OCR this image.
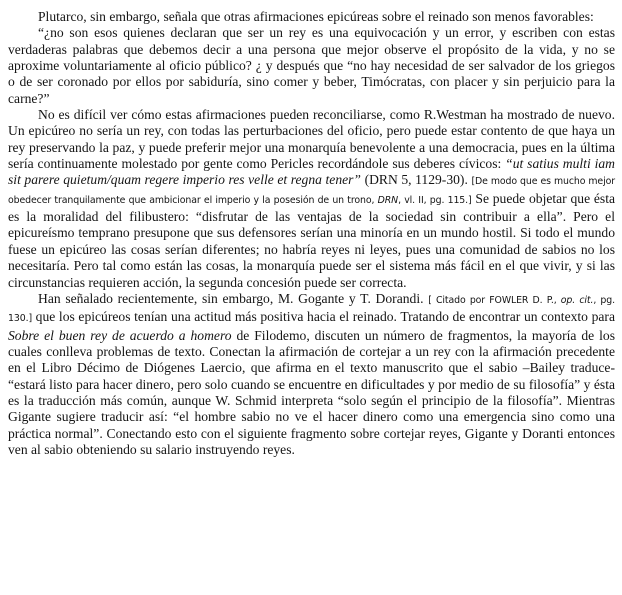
Plutarco, sin embargo, señala que otras afirmaciones epicúreas sobre el reinado son menos favorables:

“¿no son esos quienes declaran que ser un rey es una equivocación y un error, y escriben con estas verdaderas palabras que debemos decir a una persona que mejor observe el propósito de la vida, y no se aproxime voluntariamente al oficio público? ¿ y después que “no hay necesidad de ser salvador de los griegos o de ser coronado por ellos por sabiduría, sino comer y beber, Timócratas, con placer y sin perjuicio para la carne?”

No es difícil ver cómo estas afirmaciones pueden reconciliarse, como R.Westman ha mostrado de nuevo. Un epicúreo no sería un rey, con todas las perturbaciones del oficio, pero puede estar contento de que haya un rey preservando la paz, y puede preferir mejor una monarquía benevolente a una democracia, pues en la última sería continuamente molestado por gente como Pericles recordándole sus deberes cívicos: “ut satius multi iam sit parere quietum/quam regere imperio res velle et regna tener” (DRN 5, 1129-30). [De modo que es mucho mejor obedecer tranquilamente que ambicionar el imperio y la posesión de un trono, DRN, vl. II, pg. 115.] Se puede objetar que ésta es la moralidad del filibustero: “disfrutar de las ventajas de la sociedad sin contribuir a ella”. Pero el epicureísmo temprano presupone que sus defensores serían una minoría en un mundo hostil. Si todo el mundo fuese un epicúreo las cosas serían diferentes; no habría reyes ni leyes, pues una comunidad de sabios no los necesitaría. Pero tal como están las cosas, la monarquía puede ser el sistema más fácil en el que vivir, y si las circunstancias requieren acción, la segunda concesión puede ser correcta.

Han señalado recientemente, sin embargo, M. Gogante y T. Dorandi. [ Citado por FOWLER D. P., op. cit., pg. 130.] que los epicúreos tenían una actitud más positiva hacia el reinado. Tratando de encontrar un contexto para Sobre el buen rey de acuerdo a homero de Filodemo, discuten un número de fragmentos, la mayoría de los cuales conlleva problemas de texto. Conectan la afirmación de cortejar a un rey con la afirmación precedente en el Libro Décimo de Diógenes Laercio, que afirma en el texto manuscrito que el sabio –Bailey traduce- “estará listo para hacer dinero, pero solo cuando se encuentre en dificultades y por medio de su filosofía” y ésta es la traducción más común, aunque W. Schmid interpreta “solo según el principio de la filosofía”. Mientras Gigante sugiere traducir así: “el hombre sabio no ve el hacer dinero como una emergencia sino como una práctica normal”. Conectando esto con el siguiente fragmento sobre cortejar reyes, Gigante y Doranti entonces ven al sabio obteniendo su salario instruyendo reyes.
